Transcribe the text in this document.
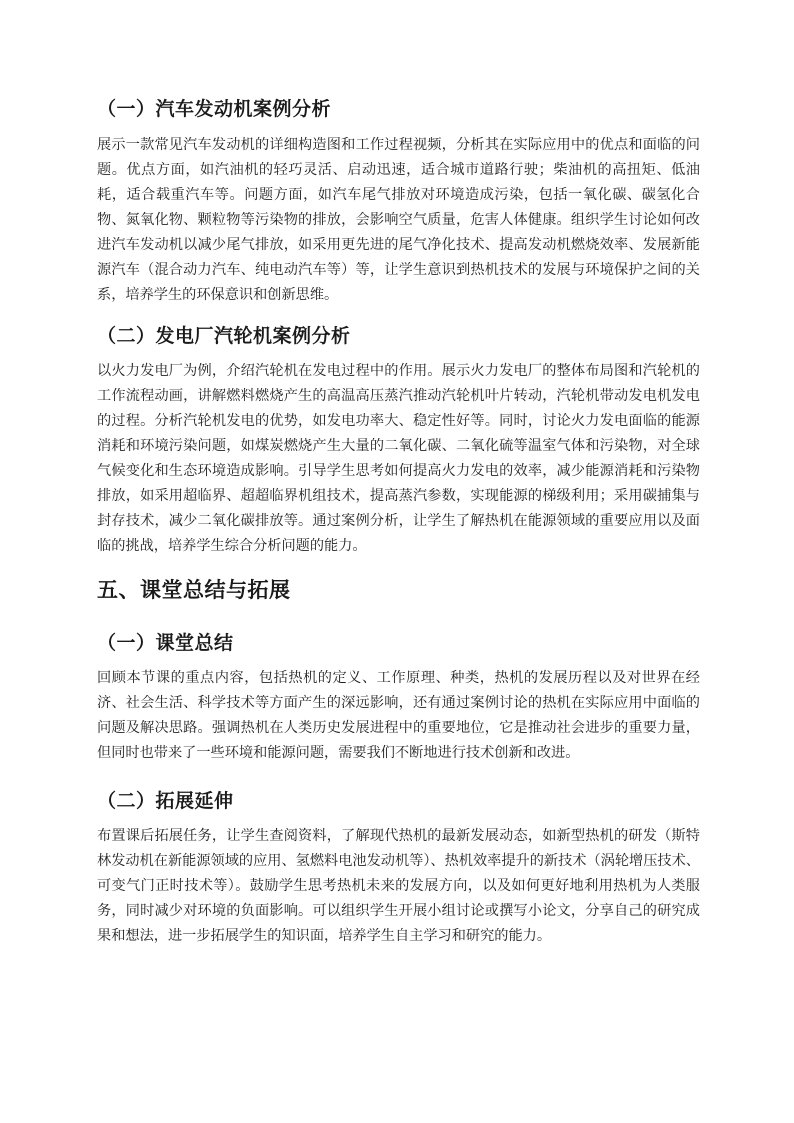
（一）汽车发动机案例分析

展示一款常见汽车发动机的详细构造图和工作过程视频，分析其在实际应用中的优点和面临的问题。优点方面，如汽油机的轻巧灵活、启动迅速，适合城市道路行驶；柴油机的高扭矩、低油耗，适合载重汽车等。问题方面，如汽车尾气排放对环境造成污染，包括一氧化碳、碳氢化合物、氮氧化物、颗粒物等污染物的排放，会影响空气质量，危害人体健康。组织学生讨论如何改进汽车发动机以减少尾气排放，如采用更先进的尾气净化技术、提高发动机燃烧效率、发展新能源汽车（混合动力汽车、纯电动汽车等）等，让学生意识到热机技术的发展与环境保护之间的关系，培养学生的环保意识和创新思维。

（二）发电厂汽轮机案例分析

以火力发电厂为例，介绍汽轮机在发电过程中的作用。展示火力发电厂的整体布局图和汽轮机的工作流程动画，讲解燃料燃烧产生的高温高压蒸汽推动汽轮机叶片转动，汽轮机带动发电机发电的过程。分析汽轮机发电的优势，如发电功率大、稳定性好等。同时，讨论火力发电面临的能源消耗和环境污染问题，如煤炭燃烧产生大量的二氧化碳、二氧化硫等温室气体和污染物，对全球气候变化和生态环境造成影响。引导学生思考如何提高火力发电的效率，减少能源消耗和污染物排放，如采用超临界、超超临界机组技术，提高蒸汽参数，实现能源的梯级利用；采用碳捕集与封存技术，减少二氧化碳排放等。通过案例分析，让学生了解热机在能源领域的重要应用以及面临的挑战，培养学生综合分析问题的能力。

五、课堂总结与拓展
（一）课堂总结

回顾本节课的重点内容，包括热机的定义、工作原理、种类，热机的发展历程以及对世界在经济、社会生活、科学技术等方面产生的深远影响，还有通过案例讨论的热机在实际应用中面临的问题及解决思路。强调热机在人类历史发展进程中的重要地位，它是推动社会进步的重要力量，但同时也带来了一些环境和能源问题，需要我们不断地进行技术创新和改进。

（二）拓展延伸

布置课后拓展任务，让学生查阅资料，了解现代热机的最新发展动态，如新型热机的研发（斯特林发动机在新能源领域的应用、氢燃料电池发动机等）、热机效率提升的新技术（涡轮增压技术、可变气门正时技术等）。鼓励学生思考热机未来的发展方向，以及如何更好地利用热机为人类服务，同时减少对环境的负面影响。可以组织学生开展小组讨论或撰写小论文，分享自己的研究成果和想法，进一步拓展学生的知识面，培养学生自主学习和研究的能力。
